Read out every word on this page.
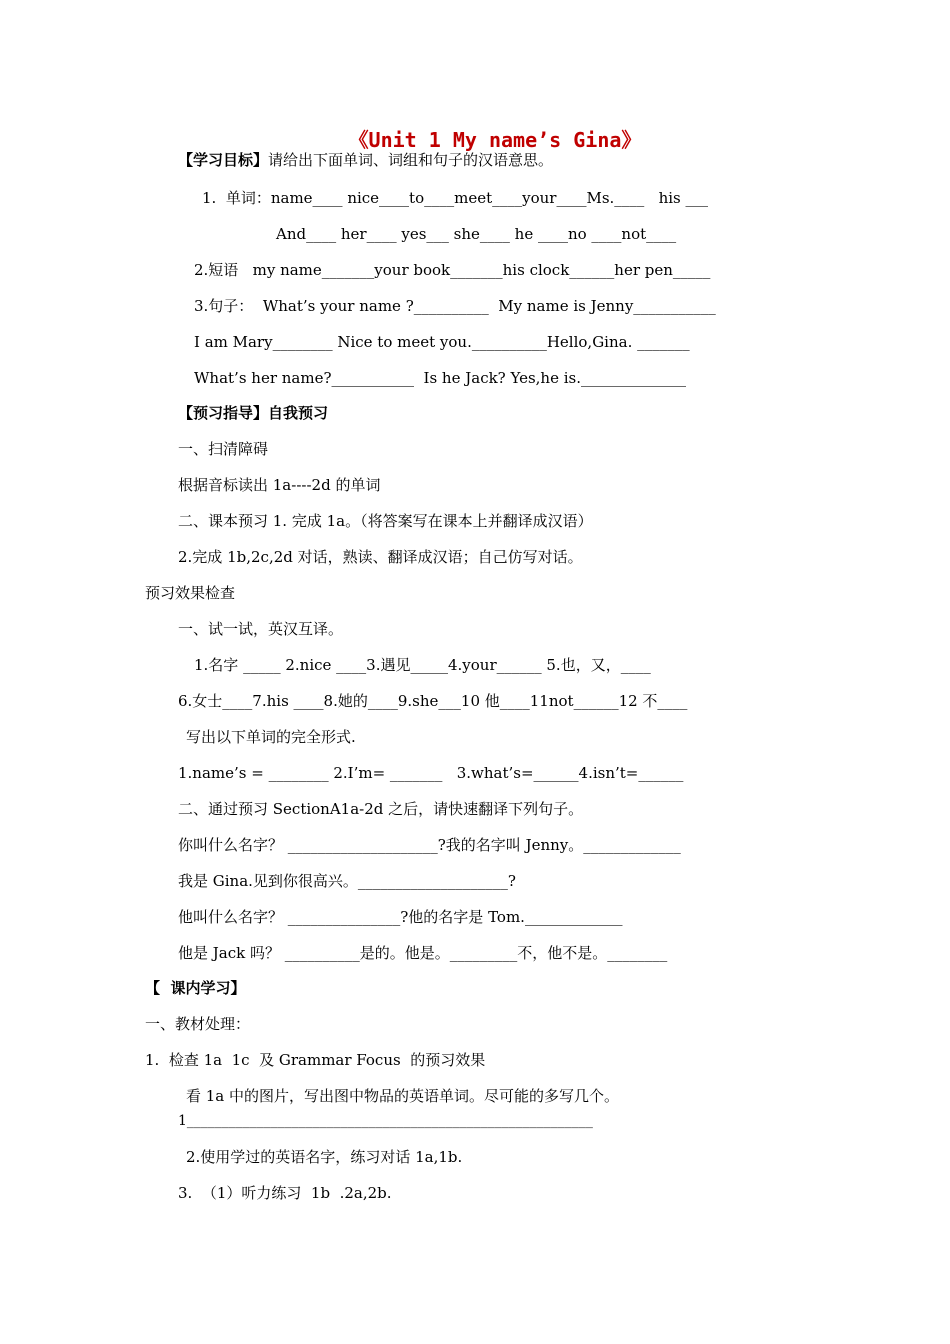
《Unit 1 My name’s Gina》
【学习目标】请给出下面单词、词组和句子的汉语意思。
1.  单词：name____ nice____to____meet____your____Ms.____   his ___
And____ her____ yes___ she____ he ____no ____not____
2.短语   my name_______your book_______his clock______her pen_____
3.句子：  What’s your name ?__________  My name is Jenny___________
I am Mary________ Nice to meet you.__________Hello,Gina. _______
What’s her name?___________  Is he Jack? Yes,he is.______________
【预习指导】自我预习
一、扫清障碍
根据音标读出 1a----2d 的单词
二、课本预习 1. 完成 1a。（将答案写在课本上并翻译成汉语）
2.完成 1b,2c,2d 对话，熟读、翻译成汉语；自己仿写对话。
预习效果检查
一、试一试，英汉互译。
1.名字 _____ 2.nice ____3.遇见_____4.your______ 5.也，又，____
6.女士____7.his ____8.她的____9.she___10 他____11not______12 不____
写出以下单词的完全形式.
1.name’s = ________ 2.I’m= _______   3.what’s=______4.isn’t=______
二、通过预习 SectionA1a-2d 之后，请快速翻译下列句子。
你叫什么名字？ ____________________?我的名字叫 Jenny。_____________
我是 Gina.见到你很高兴。____________________?
他叫什么名字？ _______________?他的名字是 Tom._____________
他是 Jack 吗？ __________是的。他是。_________不，他不是。________
【  课内学习】
一、教材处理：
1.  检查 1a  1c  及 Grammar Focus  的预习效果
看 1a 中的图片，写出图中物品的英语单词。尽可能的多写几个。
1__________________________________________________________
2.使用学过的英语名字，练习对话 1a,1b.
3.  （1）听力练习  1b  .2a,2b.
